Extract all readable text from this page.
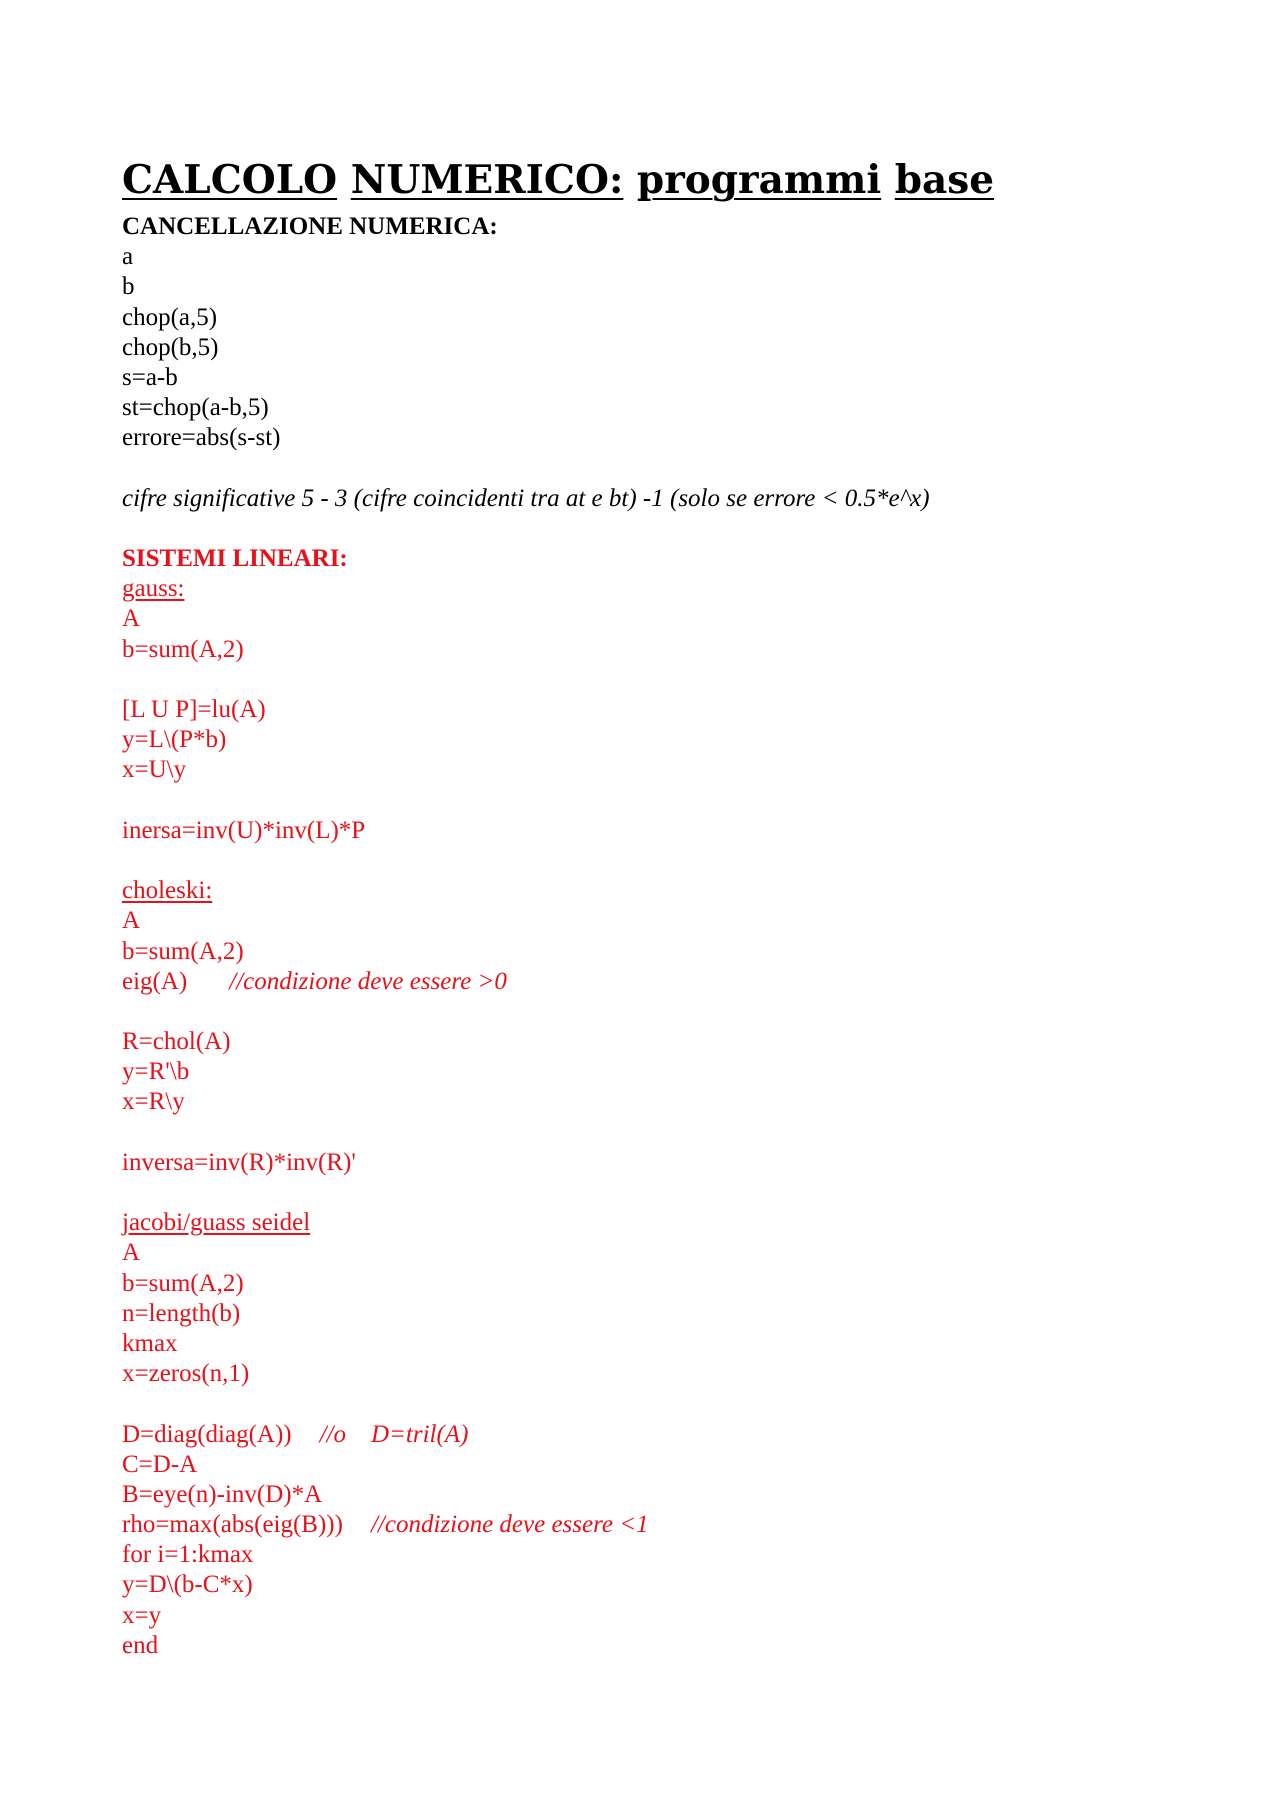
CALCOLO NUMERICO: programmi base
CANCELLAZIONE NUMERICA:
a
b
chop(a,5)
chop(b,5)
s=a-b
st=chop(a-b,5)
errore=abs(s-st)
cifre significative 5 - 3 (cifre coincidenti tra at e bt) -1 (solo se errore < 0.5*e^x)
SISTEMI LINEARI:
gauss:
A
b=sum(A,2)
[L U P]=lu(A)
y=L\(P*b)
x=U\y
inersa=inv(U)*inv(L)*P
choleski:
A
b=sum(A,2)
eig(A) //condizione deve essere >0
R=chol(A)
y=R'\b
x=R\y
inversa=inv(R)*inv(R)'
jacobi/guass seidel
A
b=sum(A,2)
n=length(b)
kmax
x=zeros(n,1)
D=diag(diag(A)) //o    D=tril(A)
C=D-A
B=eye(n)-inv(D)*A
rho=max(abs(eig(B))) //condizione deve essere <1
for i=1:kmax
y=D\(b-C*x)
x=y
end
